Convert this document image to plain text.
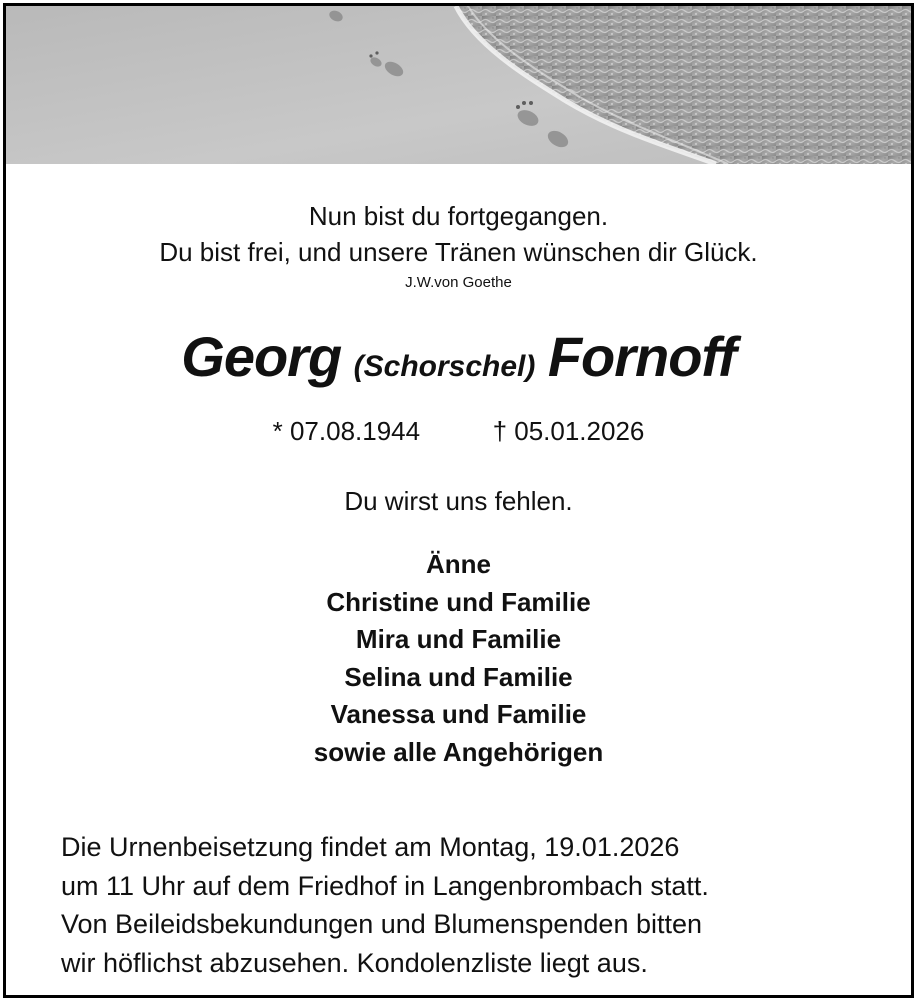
Nun bist du fortgegangen.
Du bist frei, und unsere Tränen wünschen dir Glück.
J.W.von Goethe
Georg (Schorschel) Fornoff
* 07.08.1944	† 05.01.2026
Du wirst uns fehlen.
Änne
Christine und Familie
Mira und Familie
Selina und Familie
Vanessa und Familie
sowie alle Angehörigen
Die Urnenbeisetzung findet am Montag, 19.01.2026
um 11 Uhr auf dem Friedhof in Langenbrombach statt.
Von Beileidsbekundungen und Blumenspenden bitten
wir höflichst abzusehen. Kondolenzliste liegt aus.
